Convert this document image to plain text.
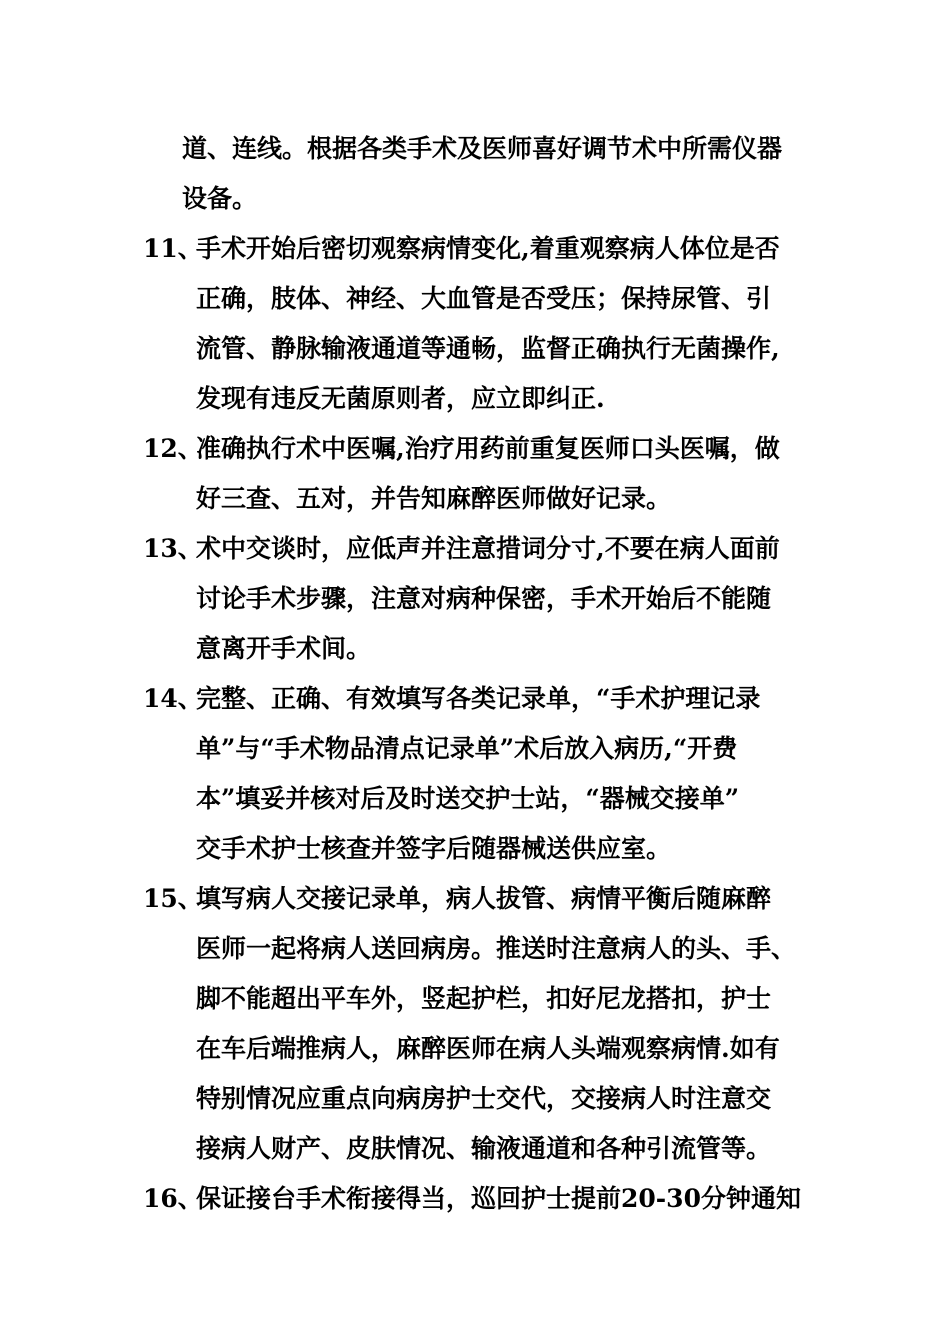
道、连线。根据各类手术及医师喜好调节术中所需仪器
设备。
11、
手术开始后密切观察病情变化,着重观察病人体位是否
正确，肢体、神经、大血管是否受压；保持尿管、引
流管、静脉输液通道等通畅，监督正确执行无菌操作,
发现有违反无菌原则者，应立即纠正.
12、
准确执行术中医嘱,治疗用药前重复医师口头医嘱，做
好三查、五对，并告知麻醉医师做好记录。
13、
术中交谈时，应低声并注意措词分寸,不要在病人面前
讨论手术步骤，注意对病种保密，手术开始后不能随
意离开手术间。
14、
完整、正确、有效填写各类记录单，“手术护理记录
单”与“手术物品清点记录单”术后放入病历,“开费
本”填妥并核对后及时送交护士站，“器械交接单”
交手术护士核查并签字后随器械送供应室。
15、
填写病人交接记录单，病人拔管、病情平衡后随麻醉
医师一起将病人送回病房。推送时注意病人的头、手、
脚不能超出平车外，竖起护栏，扣好尼龙搭扣，护士
在车后端推病人，麻醉医师在病人头端观察病情.如有
特别情况应重点向病房护士交代，交接病人时注意交
接病人财产、皮肤情况、输液通道和各种引流管等。
16、
保证接台手术衔接得当，巡回护士提前20-30分钟通知
